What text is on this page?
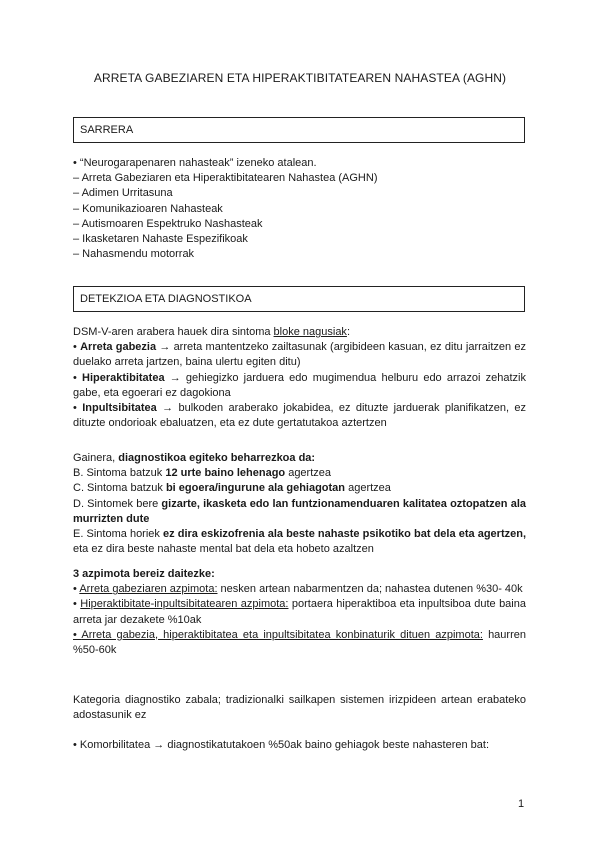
ARRETA GABEZIAREN ETA HIPERAKTIBITATEAREN NAHASTEA (AGHN)
SARRERA

• “Neurogarapenaren nahasteak” izeneko atalean.

– Arreta Gabeziaren eta Hiperaktibitatearen Nahastea (AGHN)

– Adimen Urritasuna

– Komunikazioaren Nahasteak

– Autismoaren Espektruko Nashasteak

– Ikasketaren Nahaste Espezifikoak

– Nahasmendu motorrak

DETEKZIOA ETA DIAGNOSTIKOA

DSM-V-aren arabera hauek dira sintoma bloke nagusiak:

• Arreta gabezia → arreta mantentzeko zailtasunak (argibideen kasuan, ez ditu jarraitzen ez duelako arreta jartzen, baina ulertu egiten ditu)

• Hiperaktibitatea → gehiegizko jarduera edo mugimendua helburu edo arrazoi zehatzik gabe, eta egoerari ez dagokiona

• Inpultsibitatea → bulkoden araberako jokabidea, ez dituzte jarduerak planifikatzen, ez dituzte ondorioak ebaluatzen, eta ez dute gertatutakoa aztertzen

Gainera, diagnostikoa egiteko beharrezkoa da:

B. Sintoma batzuk 12 urte baino lehenago agertzea

C. Sintoma batzuk bi egoera/ingurune ala gehiagotan agertzea

D. Sintomek bere gizarte, ikasketa edo lan funtzionamenduaren kalitatea oztopatzen ala murrizten dute

E. Sintoma horiek ez dira eskizofrenia ala beste nahaste psikotiko bat dela eta agertzen, eta ez dira beste nahaste mental bat dela eta hobeto azaltzen

3 azpimota bereiz daitezke:

• Arreta gabeziaren azpimota: nesken artean nabarmentzen da; nahastea dutenen %30- 40k

• Hiperaktibitate-inpultsibitatearen azpimota: portaera hiperaktiboa eta inpultsiboa dute baina arreta jar dezakete %10ak

• Arreta gabezia, hiperaktibitatea eta inpultsibitatea konbinaturik dituen azpimota: haurren %50-60k

Kategoria diagnostiko zabala; tradizionalki sailkapen sistemen irizpideen artean erabateko adostasunik ez
• Komorbilitatea → diagnostikatutakoen %50ak baino gehiagok beste nahasteren bat:
1
